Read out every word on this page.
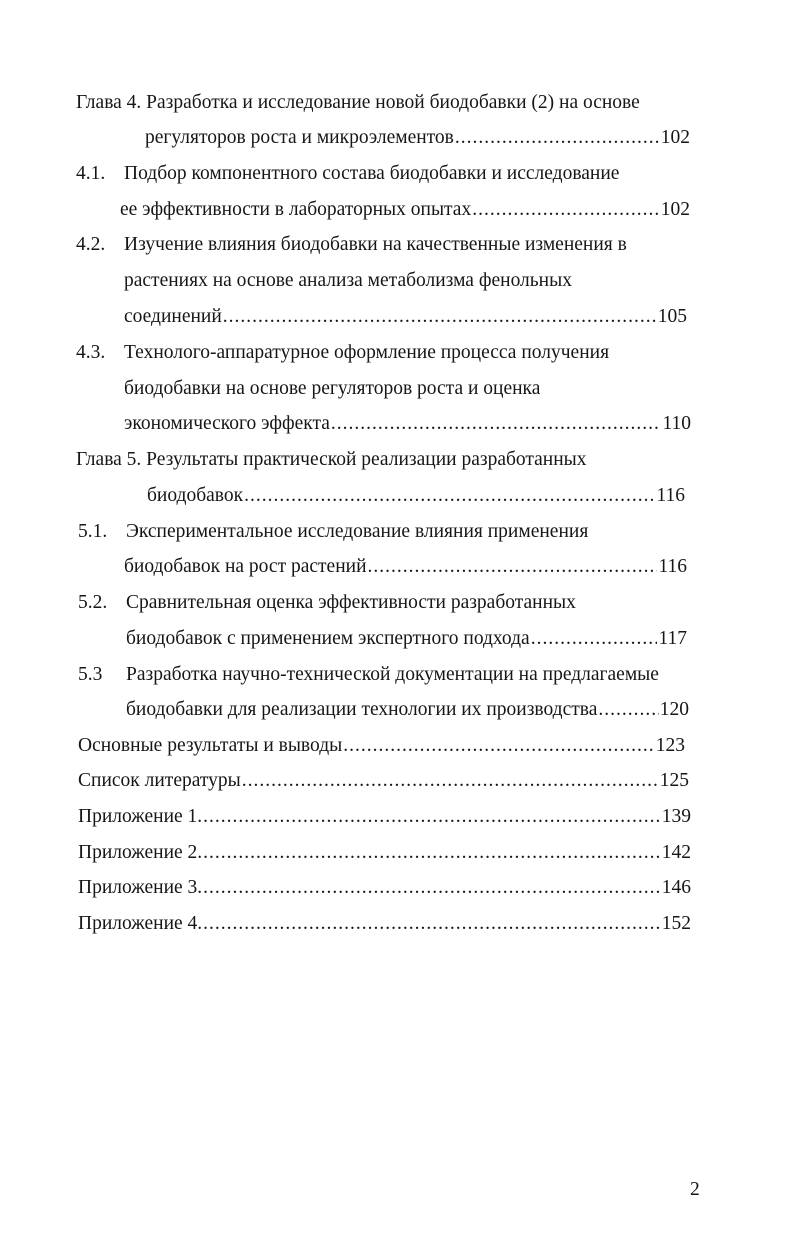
Глава 4. Разработка и исследование новой биодобавки (2) на основе
регуляторов роста и микроэлементов .....	102
4.1. Подбор компонентного состава биодобавки и исследование
ее эффективности в лабораторных опытах .....	102
4.2. Изучение влияния биодобавки на качественные изменения в
растениях на основе анализа метаболизма фенольных
соединений .....	105
4.3. Технолого-аппаратурное оформление процесса получения
биодобавки на основе регуляторов роста и оценка
экономического эффекта .....	110
Глава 5. Результаты практической реализации разработанных
биодобавок .....	116
5.1. Экспериментальное исследование влияния применения
биодобавок на рост растений .....	116
5.2. Сравнительная оценка эффективности разработанных
биодобавок с применением экспертного подхода .....	117
5.3 Разработка научно-технической документации на предлагаемые
биодобавки для реализации технологии их производства .....	120
Основные результаты и выводы .....	123
Список литературы .....	125
Приложение 1. .....	139
Приложение 2. .....	142
Приложение 3. .....	146
Приложение 4. .....	152
2
